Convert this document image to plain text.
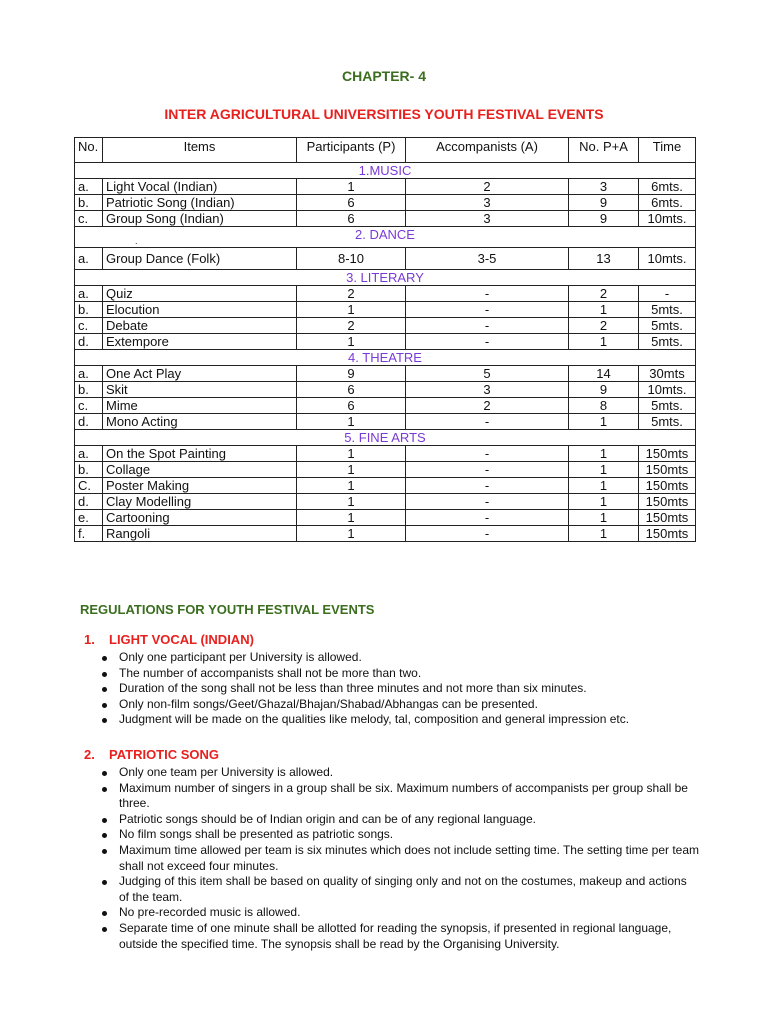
CHAPTER- 4
INTER AGRICULTURAL UNIVERSITIES YOUTH FESTIVAL EVENTS
No.	Items	Participants (P)	Accompanists (A)	No. P+A	Time
1.MUSIC					
a.	Light Vocal (Indian)	1	2	3	6mts.
b.	Patriotic Song (Indian)	6	3	9	6mts.
c.	Group Song (Indian)	6	3	9	10mts.
2. DANCE
.					

a.	Group Dance (Folk)	8-10	3-5	13	10mts.
3. LITERARY					
a.	Quiz	2	-	2	-
b.	Elocution	1	-	1	5mts.
c.	Debate	2	-	2	5mts.
d.	Extempore	1	-	1	5mts.
4. THEATRE					
a.	One Act Play	9	5	14	30mts
b.	Skit	6	3	9	10mts.
c.	Mime	6	2	8	5mts.
d.	Mono Acting	1	-	1	5mts.
5. FINE ARTS					
a.	On the Spot Painting	1	-	1	150mts
b.	Collage	1	-	1	150mts
C.	Poster Making	1	-	1	150mts
d.	Clay Modelling	1	-	1	150mts
e.	Cartooning	1	-	1	150mts
f.	Rangoli	1	-	1	150mts
REGULATIONS FOR YOUTH FESTIVAL EVENTS
1. LIGHT VOCAL (INDIAN)
Only one participant per University is allowed.
The number of accompanists shall not be more than two.
Duration of the song shall not be less than three minutes and not more than six minutes.
Only non-film songs/Geet/Ghazal/Bhajan/Shabad/Abhangas can be presented.
Judgment will be made on the qualities like melody, tal, composition and general impression etc.
2. PATRIOTIC SONG
Only one team per University is allowed.
Maximum number of singers in a group shall be six. Maximum numbers of accompanists per group shall be three.
Patriotic songs should be of Indian origin and can be of any regional language.
No film songs shall be presented as patriotic songs.
Maximum time allowed per team is six minutes which does not include setting time. The setting time per team shall not exceed four minutes.
Judging of this item shall be based on quality of singing only and not on the costumes, makeup and actions of the team.
No pre-recorded music is allowed.
Separate time of one minute shall be allotted for reading the synopsis, if presented in regional language, outside the specified time. The synopsis shall be read by the Organising University.
